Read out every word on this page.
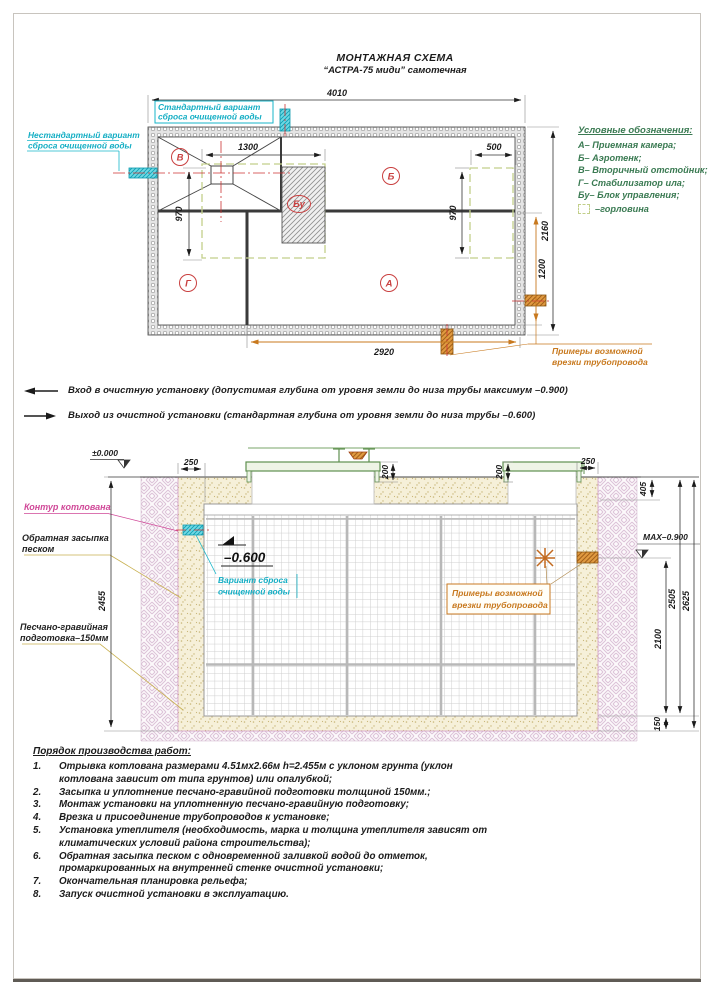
МОНТАЖНАЯ СХЕМА
“АСТРА-75 миди” самотечная
4010
1300	500
970	970
2160
1200
2920
В
Б
Бу
Г	А
Стандартный вариант
сброса очищенной воды
Нестандартный вариант
сброса очищенной воды
Примеры возможной
врезки трубопровода
–0.600
Вариант сброса
очищенной воды	Примеры возможной
врезки трубопровода
±0.000
MAX–0.900
Контур котлована
Обратная засыпка
песком
Песчано-гравийная
подготовка–150мм
2455
250	250
200	200
405
2100
2505 2625
150
Условные обозначения:
А– Приемная камера;
Б– Аэротенк;
В– Вторичный отстойник;
Г– Стабилизатор ила;
Бу– Блок управления;
–горловина
Вход в очистную установку (допустимая глубина от уровня земли до низа трубы максимум –0.900)
Выход из очистной установки (стандартная глубина от уровня земли до низа трубы –0.600)
Порядок производства работ:
1.	Отрывка котлована размерами 4.51мх2.66м h=2.455м с уклоном грунта (уклон котлована зависит от типа грунтов) или опалубкой;
2.	Засыпка и уплотнение песчано-гравийной подготовки толщиной 150мм.;
3.	Монтаж установки на уплотненную песчано-гравийную подготовку;
4.	Врезка и присоединение трубопроводов к установке;
5.	Установка утеплителя (необходимость, марка и толщина утеплителя зависят от климатических условий района строительства);
6.	Обратная засыпка песком с одновременной заливкой водой до отметок, промаркированных на внутренней стенке очистной установки;
7.	Окончательная планировка рельефа;
8.	Запуск очистной установки в эксплуатацию.
